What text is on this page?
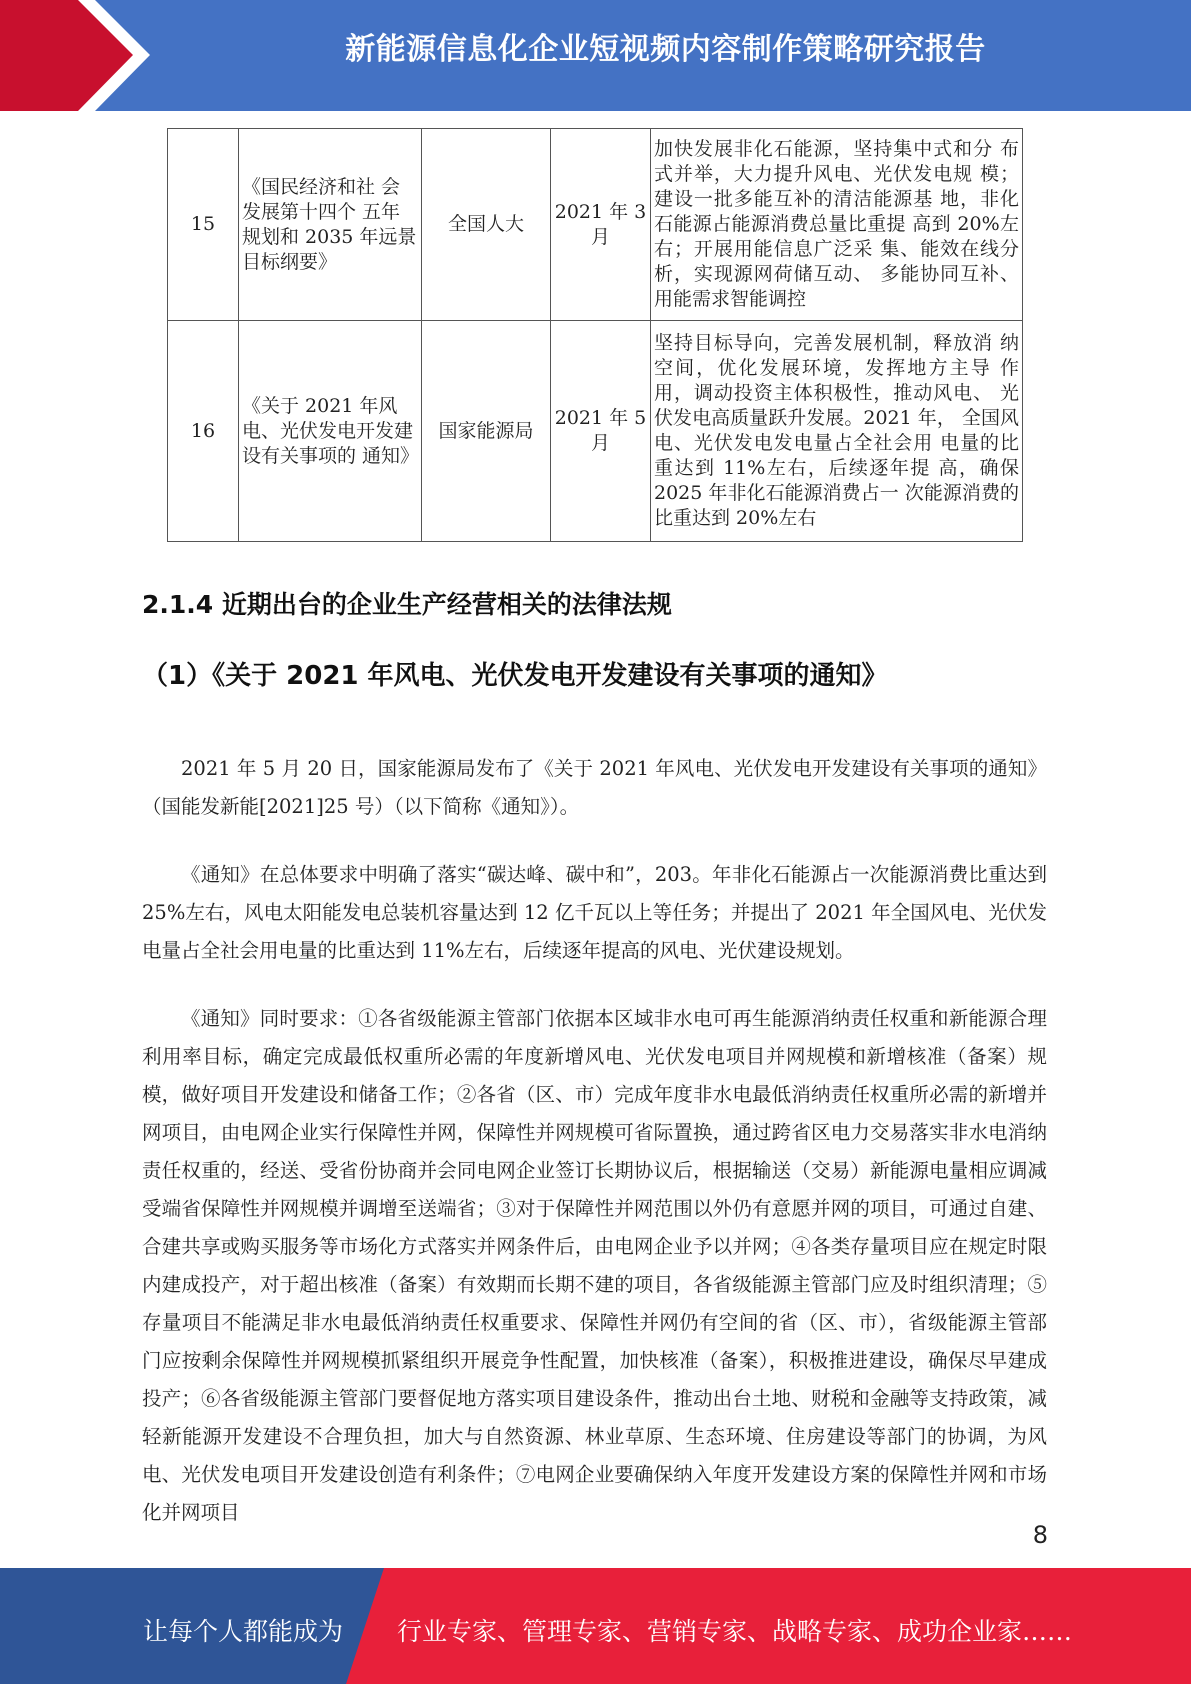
新能源信息化企业短视频内容制作策略研究报告
15	《国民经济和社 会发展第十四个 五年规划和 2035 年远景目标纲要》	全国人大	2021 年 3 月	加快发展非化石能源，坚持集中式和分 布式并举，大力提升风电、光伏发电规 模；建设一批多能互补的清洁能源基 地，非化石能源占能源消费总量比重提 高到 20%左右；开展用能信息广泛采 集、能效在线分析，实现源网荷储互动、 多能协同互补、用能需求智能调控
16	《关于 2021 年风电、光伏发电开发建设有关事项的 通知》	国家能源局	2021 年 5 月	坚持目标导向，完善发展机制，释放消 纳空间，优化发展环境，发挥地方主导 作用，调动投资主体积极性，推动风电、 光伏发电高质量跃升发展。2021 年， 全国风电、光伏发电发电量占全社会用 电量的比重达到 11%左右，后续逐年提 高，确保 2025 年非化石能源消费占一 次能源消费的比重达到 20%左右
2.1.4 近期出台的企业生产经营相关的法律法规
（1）《关于 2021 年风电、光伏发电开发建设有关事项的通知》

2021 年 5 月 20 日，国家能源局发布了《关于 2021 年风电、光伏发电开发建设有关事项的通知》（国能发新能[2021]25 号）（以下简称《通知》）。

《通知》在总体要求中明确了落实“碳达峰、碳中和”，203。年非化石能源占一次能源消费比重达到 25%左右，风电太阳能发电总装机容量达到 12 亿千瓦以上等任务；并提出了 2021 年全国风电、光伏发电量占全社会用电量的比重达到 11%左右，后续逐年提高的风电、光伏建设规划。

《通知》同时要求：①各省级能源主管部门依据本区域非水电可再生能源消纳责任权重和新能源合理利用率目标，确定完成最低权重所必需的年度新增风电、光伏发电项目并网规模和新增核准（备案）规模，做好项目开发建设和储备工作；②各省（区、市）完成年度非水电最低消纳责任权重所必需的新增并网项目，由电网企业实行保障性并网，保障性并网规模可省际置换，通过跨省区电力交易落实非水电消纳责任权重的，经送、受省份协商并会同电网企业签订长期协议后，根据输送（交易）新能源电量相应调减受端省保障性并网规模并调增至送端省；③对于保障性并网范围以外仍有意愿并网的项目，可通过自建、合建共享或购买服务等市场化方式落实并网条件后，由电网企业予以并网；④各类存量项目应在规定时限内建成投产，对于超出核准（备案）有效期而长期不建的项目，各省级能源主管部门应及时组织清理；⑤存量项目不能满足非水电最低消纳责任权重要求、保障性并网仍有空间的省（区、市），省级能源主管部门应按剩余保障性并网规模抓紧组织开展竞争性配置，加快核准（备案），积极推进建设，确保尽早建成投产；⑥各省级能源主管部门要督促地方落实项目建设条件，推动出台土地、财税和金融等支持政策，减轻新能源开发建设不合理负担，加大与自然资源、林业草原、生态环境、住房建设等部门的协调，为风电、光伏发电项目开发建设创造有利条件；⑦电网企业要确保纳入年度开发建设方案的保障性并网和市场化并网项目

8
让每个人都能成为 行业专家、管理专家、营销专家、战略专家、成功企业家……
